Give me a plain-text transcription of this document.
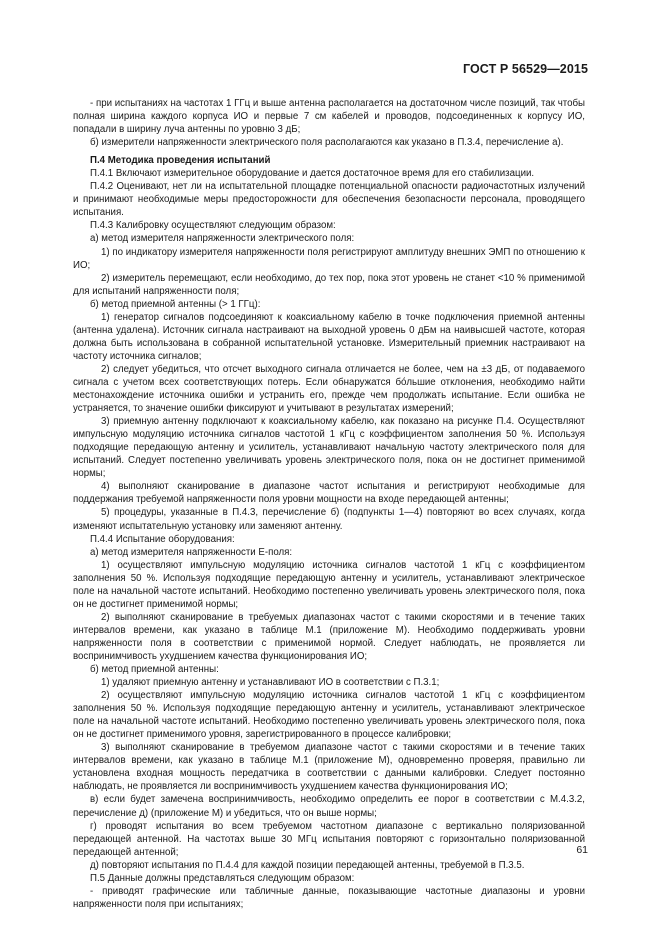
ГОСТ Р 56529—2015

- при испытаниях на частотах 1 ГГц и выше антенна располагается на достаточном числе позиций, так чтобы полная ширина каждого корпуса ИО и первые 7 см кабелей и проводов, подсоединенных к корпусу ИО, попадали в ширину луча антенны по уровню 3 дБ;

б) измерители напряженности электрического поля располагаются как указано в П.3.4, перечисление а).

П.4 Методика проведения испытаний

П.4.1 Включают измерительное оборудование и дается достаточное время для его стабилизации.

П.4.2 Оценивают, нет ли на испытательной площадке потенциальной опасности радиочастотных излучений и принимают необходимые меры предосторожности для обеспечения безопасности персонала, проводящего испытания.

П.4.3 Калибровку осуществляют следующим образом:

а) метод измерителя напряженности электрического поля:

1) по индикатору измерителя напряженности поля регистрируют амплитуду внешних ЭМП по отношению к ИО;

2) измеритель перемещают, если необходимо, до тех пор, пока этот уровень не станет <10 % применимой для испытаний напряженности поля;

б) метод приемной антенны (> 1 ГГц):

1) генератор сигналов подсоединяют к коаксиальному кабелю в точке подключения приемной антенны (антенна удалена). Источник сигнала настраивают на выходной уровень 0 дБм на наивысшей частоте, которая должна быть использована в собранной испытательной установке. Измерительный приемник настраивают на частоту источника сигналов;

2) следует убедиться, что отсчет выходного сигнала отличается не более, чем на ±3 дБ, от подаваемого сигнала с учетом всех соответствующих потерь. Если обнаружатся бо́льшие отклонения, необходимо найти местонахождение источника ошибки и устранить его, прежде чем продолжать испытание. Если ошибка не устраняется, то значение ошибки фиксируют и учитывают в результатах измерений;

3) приемную антенну подключают к коаксиальному кабелю, как показано на рисунке П.4. Осуществляют импульсную модуляцию источника сигналов частотой 1 кГц с коэффициентом заполнения 50 %. Используя подходящие передающую антенну и усилитель, устанавливают начальную частоту электрического поля для испытаний. Следует постепенно увеличивать уровень электрического поля, пока он не достигнет применимой нормы;

4) выполняют сканирование в диапазоне частот испытания и регистрируют необходимые для поддержания требуемой напряженности поля уровни мощности на входе передающей антенны;

5) процедуры, указанные в П.4.3, перечисление б) (подпункты 1—4) повторяют во всех случаях, когда изменяют испытательную установку или заменяют антенну.

П.4.4 Испытание оборудования:

а) метод измерителя напряженности E-поля:

1) осуществляют импульсную модуляцию источника сигналов частотой 1 кГц с коэффициентом заполнения 50 %. Используя подходящие передающую антенну и усилитель, устанавливают электрическое поле на начальной частоте испытаний. Необходимо постепенно увеличивать уровень электрического поля, пока он не достигнет применимой нормы;

2) выполняют сканирование в требуемых диапазонах частот с такими скоростями и в течение таких интервалов времени, как указано в таблице М.1 (приложение М). Необходимо поддерживать уровни напряженности поля в соответствии с применимой нормой. Следует наблюдать, не проявляется ли воспринимчивость ухудшением качества функционирования ИО;

б) метод приемной антенны:

1) удаляют приемную антенну и устанавливают ИО в соответствии с П.3.1;

2) осуществляют импульсную модуляцию источника сигналов частотой 1 кГц с коэффициентом заполнения 50 %. Используя подходящие передающую антенну и усилитель, устанавливают электрическое поле на начальной частоте испытаний. Необходимо постепенно увеличивать уровень электрического поля, пока он не достигнет применимого уровня, зарегистрированного в процессе калибровки;

3) выполняют сканирование в требуемом диапазоне частот с такими скоростями и в течение таких интервалов времени, как указано в таблице М.1 (приложение М), одновременно проверяя, правильно ли установлена входная мощность передатчика в соответствии с данными калибровки. Следует постоянно наблюдать, не проявляется ли воспринимчивость ухудшением качества функционирования ИО;

в) если будет замечена воспринимчивость, необходимо определить ее порог в соответствии с М.4.3.2, перечисление д) (приложение М) и убедиться, что он выше нормы;

г) проводят испытания во всем требуемом частотном диапазоне с вертикально поляризованной передающей антенной. На частотах выше 30 МГц испытания повторяют с горизонтально поляризованной передающей антенной;

д) повторяют испытания по П.4.4 для каждой позиции передающей антенны, требуемой в П.3.5.

П.5 Данные должны представляться следующим образом:

- приводят графические или табличные данные, показывающие частотные диапазоны и уровни напряженности поля при испытаниях;

61
